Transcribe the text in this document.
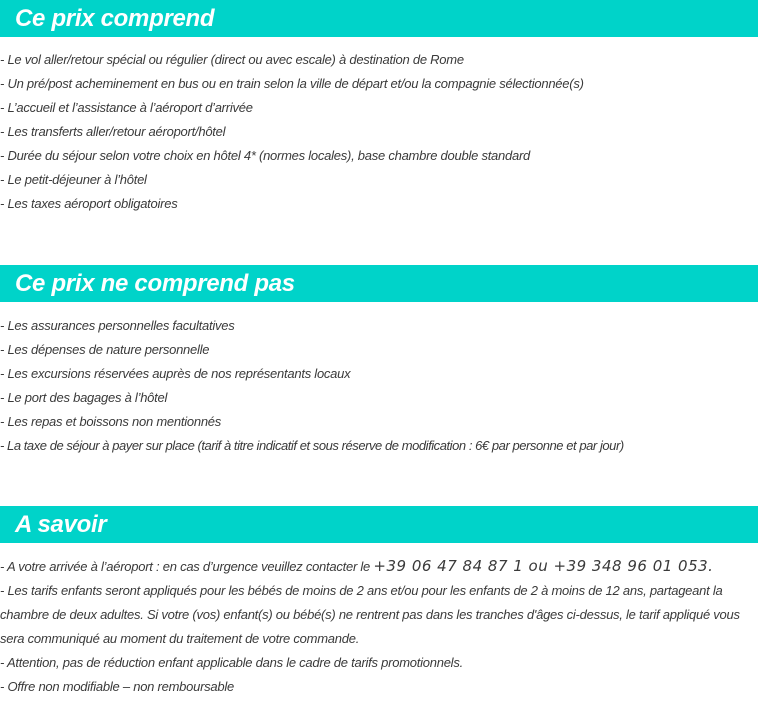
Ce prix comprend
- Le vol aller/retour spécial ou régulier (direct ou avec escale) à destination de Rome
- Un pré/post acheminement en bus ou en train selon la ville de départ et/ou la compagnie sélectionnée(s)
- L’accueil et l’assistance à l’aéroport d’arrivée
- Les transferts aller/retour aéroport/hôtel
- Durée du séjour selon votre choix en hôtel 4* (normes locales), base chambre double standard
- Le petit-déjeuner à l’hôtel
- Les taxes aéroport obligatoires
Ce prix ne comprend pas
- Les assurances personnelles facultatives
- Les dépenses de nature personnelle
- Les excursions réservées auprès de nos représentants locaux
- Le port des bagages à l’hôtel
- Les repas et boissons non mentionnés
- La taxe de séjour à payer sur place (tarif à titre indicatif et sous réserve de modification : 6€ par personne et par jour)
A savoir
- A votre arrivée à l’aéroport : en cas d’urgence veuillez contacter le +39 06 47 84 87 1 ou +39 348 96 01 053.
- Les tarifs enfants seront appliqués pour les bébés de moins de 2 ans et/ou pour les enfants de 2 à moins de 12 ans, partageant la chambre de deux adultes. Si votre (vos) enfant(s) ou bébé(s) ne rentrent pas dans les tranches d'âges ci-dessus, le tarif appliqué vous sera communiqué au moment du traitement de votre commande.
- Attention, pas de réduction enfant applicable dans le cadre de tarifs promotionnels.
- Offre non modifiable – non remboursable
